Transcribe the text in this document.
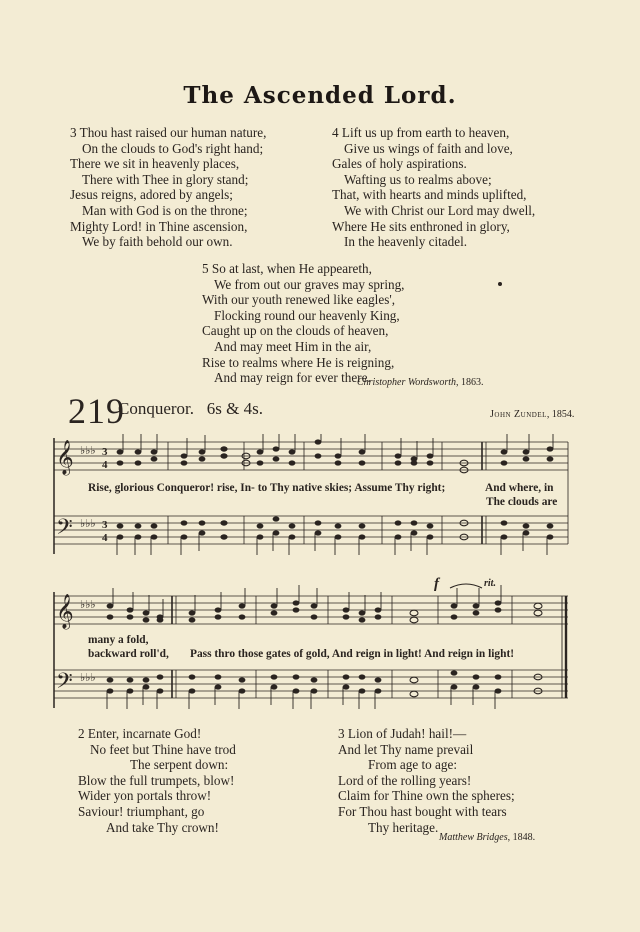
The Ascended Lord.
3 Thou hast raised our human nature,
On the clouds to God's right hand;
There we sit in heavenly places,
There with Thee in glory stand;
Jesus reigns, adored by angels;
Man with God is on the throne;
Mighty Lord! in Thine ascension,
We by faith behold our own.
4 Lift us up from earth to heaven,
Give us wings of faith and love,
Gales of holy aspirations.
Wafting us to realms above;
That, with hearts and minds uplifted,
We with Christ our Lord may dwell,
Where He sits enthroned in glory,
In the heavenly citadel.
5 So at last, when He appeareth,
We from out our graves may spring,
With our youth renewed like eagles',
Flocking round our heavenly King,
Caught up on the clouds of heaven,
And may meet Him in the air,
Rise to realms where He is reigning,
And may reign for ever there.
Christopher Wordsworth, 1863.
219
Conqueror. 6s & 4s.	John Zundel, 1854.
𝄞
𝄢
♭♭♭
♭♭♭
3
4
3
4
Rise, glorious Conqueror! rise, In- to Thy native skies; Assume Thy right;	And where, in
The clouds are
𝄞
𝄢
♭♭♭
♭♭♭
f	rit.
many a fold,
backward roll'd, Pass thro those gates of gold, And reign in light! And reign in light!
2 Enter, incarnate God!
No feet but Thine have trod
The serpent down:
Blow the full trumpets, blow!
Wider yon portals throw!
Saviour! triumphant, go
And take Thy crown!
3 Lion of Judah! hail!—
And let Thy name prevail
From age to age:
Lord of the rolling years!
Claim for Thine own the spheres;
For Thou hast bought with tears
Thy heritage.
Matthew Bridges, 1848.
